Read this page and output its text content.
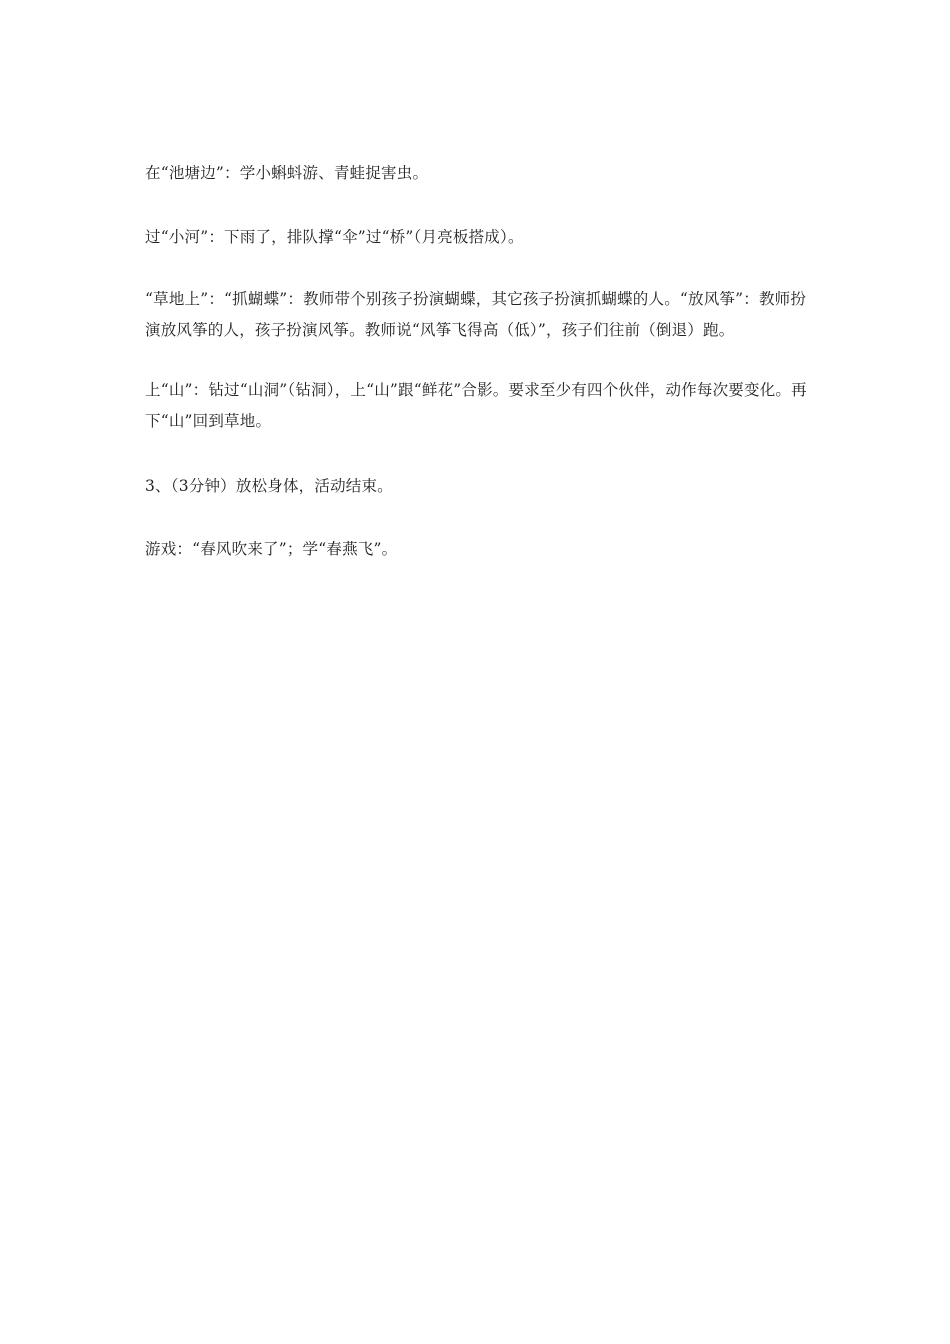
在“池塘边”：学小蝌蚪游、青蛙捉害虫。

过“小河”：下雨了，排队撑“伞”过“桥”（月亮板搭成）。

“草地上”：“抓蝴蝶”：教师带个别孩子扮演蝴蝶，其它孩子扮演抓蝴蝶的人。“放风筝”：教师扮演放风筝的人，孩子扮演风筝。教师说“风筝飞得高（低）”，孩子们往前（倒退）跑。

上“山”：钻过“山洞”（钻洞），上“山”跟“鲜花”合影。要求至少有四个伙伴，动作每次要变化。再下“山”回到草地。

3、（3分钟）放松身体，活动结束。

游戏：“春风吹来了”；学“春燕飞”。
